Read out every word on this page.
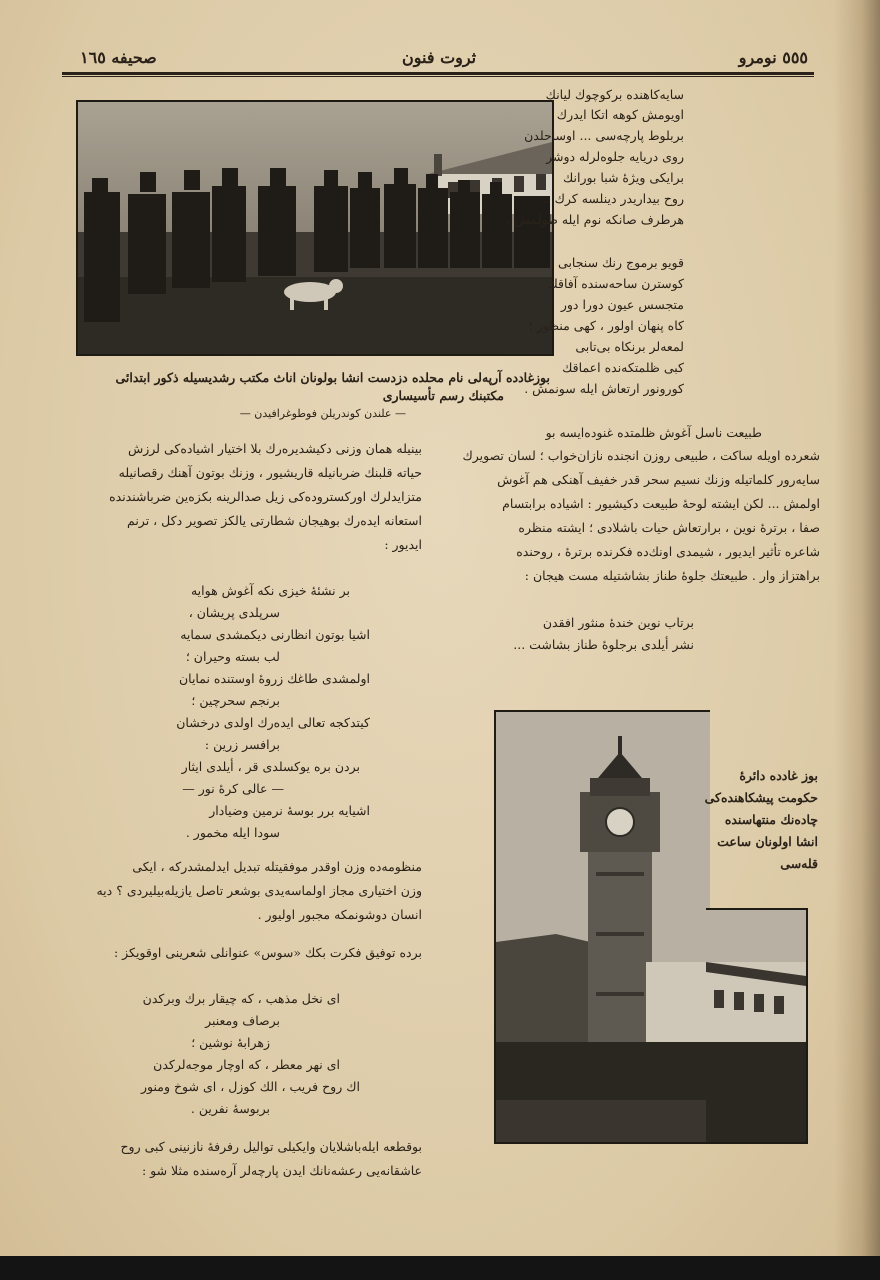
٥٥٥ نومرو
ثروت فنون
صحیفه ١٦٥
بوزغادده آرپه‌لی نام محلده دزدست انشا بولونان اناث مکتب رشدیسیله ذکور ابتدائی
مکتبنك رسم تأسیساری
— علندن کوندریلن فوطوغرافیدن —
سایه‌کاهنده برکوچوك لیانك
اویومش کوهه اتکا ایدرك
بربلوط پارچه‌سی ... اوساحلدن
روی دریایه جلوه‌لرله دوشر
برایکی ویژهٔ شبا بورانك
روح بیداریدر دینلسه کرك ...
هرطرف صانکه نوم ایله طولمش .
قویو برموج رنك سنجابی
کوسترن ساحه‌سنده آفاقك
متجسس عیون دورا دور
کاه پنهان اولور ، کهی منظور ؛
لمعه‌لر برنکاه بی‌تابی
کبی ظلمتکه‌نده اعماقك
کورونور ارتعاش ایله سونمش .
طبیعت ناسل آغوش ظلمتده غنوده‌ایسه بو
شعرده اویله ساکت ، طبیعی روزن انجنده نازان‌خواب ؛ لسان تصویرك
سایه‌رور کلماتیله وزنك نسیم سحر قدر خفیف آهنکی هم آغوش
اولمش ... لکن ایشته لوحهٔ طبیعت دکیشیور : اشیاده برابتسام
صفا ، برترهٔ نوین ، برارتعاش حیات باشلادی ؛ ایشته منظره
شاعره تأثیر ایدیور ، شیمدی اونك‌ده فکرنده برترهٔ ، روحنده
براهتزاز وار . طبیعتك جلوهٔ طناز بشاشتیله مست هیجان :
برتاب نوین خندهٔ منثور افقدن
نشر أیلدی برجلوهٔ طناز بشاشت ...
بوز غادده دائرهٔ
حکومت پیشکاهنده‌کی
چاده‌نك منتهاسنده
انشا اولونان ساعت
قله‌سی
بینیله همان وزنی دکیشدیره‌رك بلا اختیار اشیاده‌کی لرزش
حیاته قلبنك ضربانیله قاریشیور ، وزنك بوتون آهنك رقصانیله
متزایدلرك اورکستروده‌کی زیل صدالرینه بکزه‌ین ضرباشندنده
استعانه ایده‌رك بوهیجان شطارتی یالکز تصویر دکل ، ترنم
ایدیور :
بر نشئهٔ خیزی نکه آغوش هوایه
سرپلدی پریشان ،
اشیا بوتون انظارنی دیکمشدی سمایه
لب بسته وحیران ؛
اولمشدی طاغك زروهٔ اوستنده نمایان
برنجم سحرچین ؛
کیتدکجه تعالی ایده‌رك اولدی درخشان
برافسر زرین :
بردن بره یوکسلدی قر ، أیلدی ایثار
— عالی کرهٔ نور —
اشیایه برر بوسهٔ نرمین وضیادار
سودا ایله مخمور .
منظومه‌ده وزن اوقدر موفقیتله تبدیل ایدلمشدرکه ، ایکی
وزن اختیاری مجاز اولماسه‌یدی بوشعر تاصل یازیله‌بیلیردی ؟ دیه
انسان دوشونمکه مجبور اولیور .
برده توفیق فکرت بکك «سوس» عنوانلی شعرینی اوقویکز :
ای نخل مذهب ، که چیقار برك وبرکدن
برصاف ومعنبر
زهرابهٔ نوشین ؛
ای نهر معطر ، که اوچار موجه‌لرکدن
اك روح فریب ، الك کوزل ، ای شوخ ومنور
بربوسهٔ نفرین .
بوقطعه ایله‌باشلایان وایکیلی توالیل رفرفهٔ نازنینی کبی روح
عاشقانه‌یی رعشه‌نانك ایدن پارچه‌لر آره‌سنده مثلا شو :
